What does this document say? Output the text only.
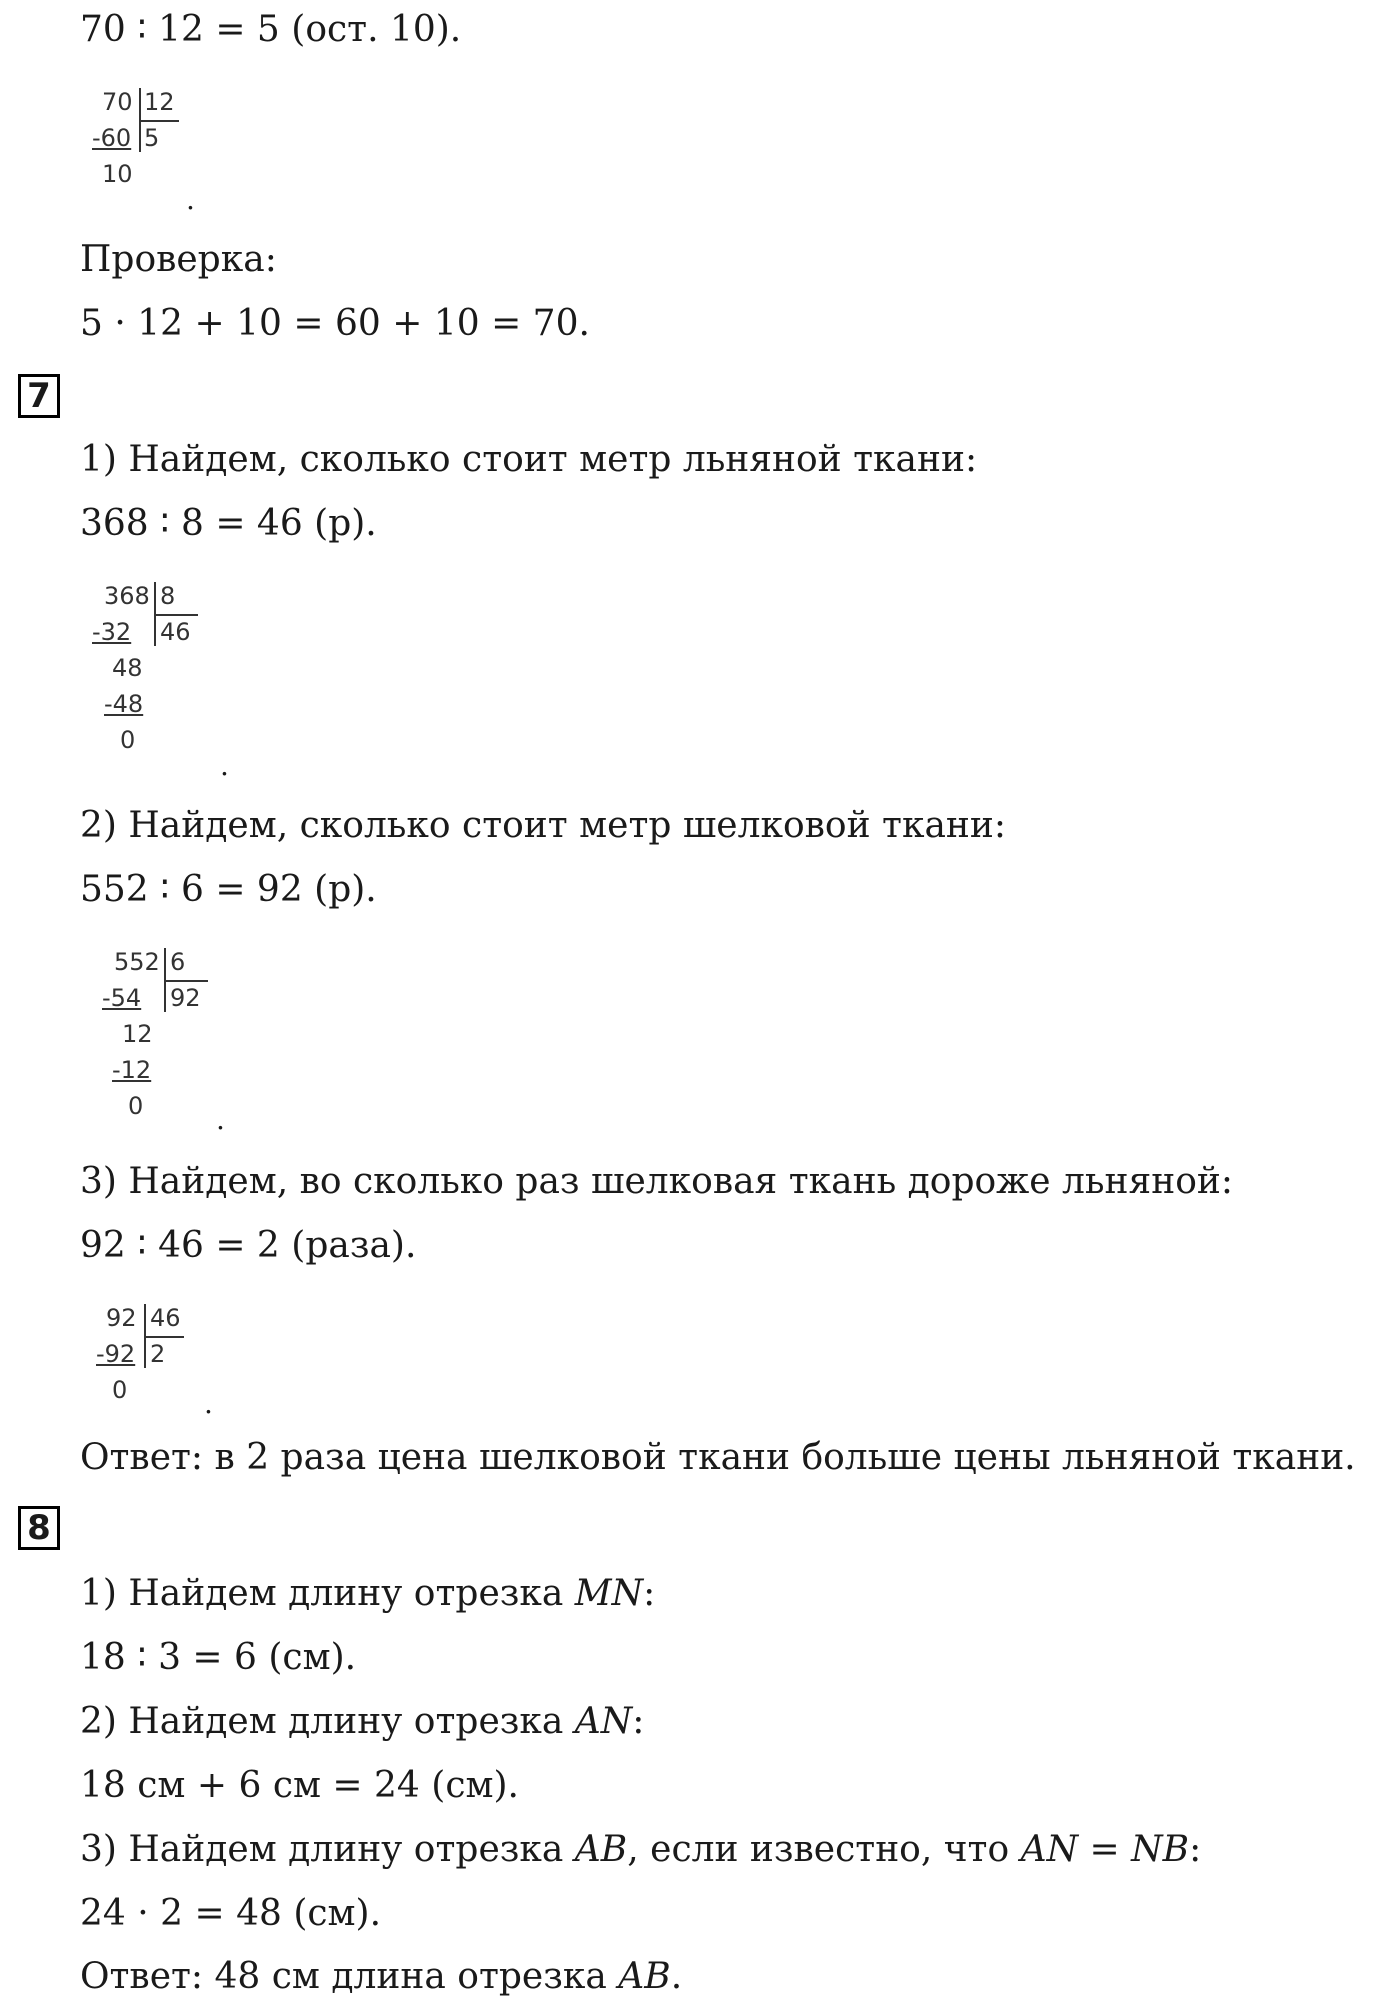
70 ∶ 12 = 5 (ост. 10).
70 12
-60 5
10
.
Проверка:
5 · 12 + 10 = 60 + 10 = 70.
7
1) Найдем, сколько стоит метр льняной ткани:
368 ∶ 8 = 46 (р).
368 8
-32 46
48
-48
0
.
2) Найдем, сколько стоит метр шелковой ткани:
552 ∶ 6 = 92 (р).
552 6
-54 92
12
-12
0	.
3) Найдем, во сколько раз шелковая ткань дороже льняной:
92 ∶ 46 = 2 (раза).
92 46
-92 2
0	.
Ответ: в 2 раза цена шелковой ткани больше цены льняной ткани.
8
1) Найдем длину отрезка MN:
18 ∶ 3 = 6 (см).
2) Найдем длину отрезка AN:
18 см + 6 см = 24 (см).
3) Найдем длину отрезка AB, если известно, что AN = NB:
24 · 2 = 48 (см).
Ответ: 48 см длина отрезка AB.
